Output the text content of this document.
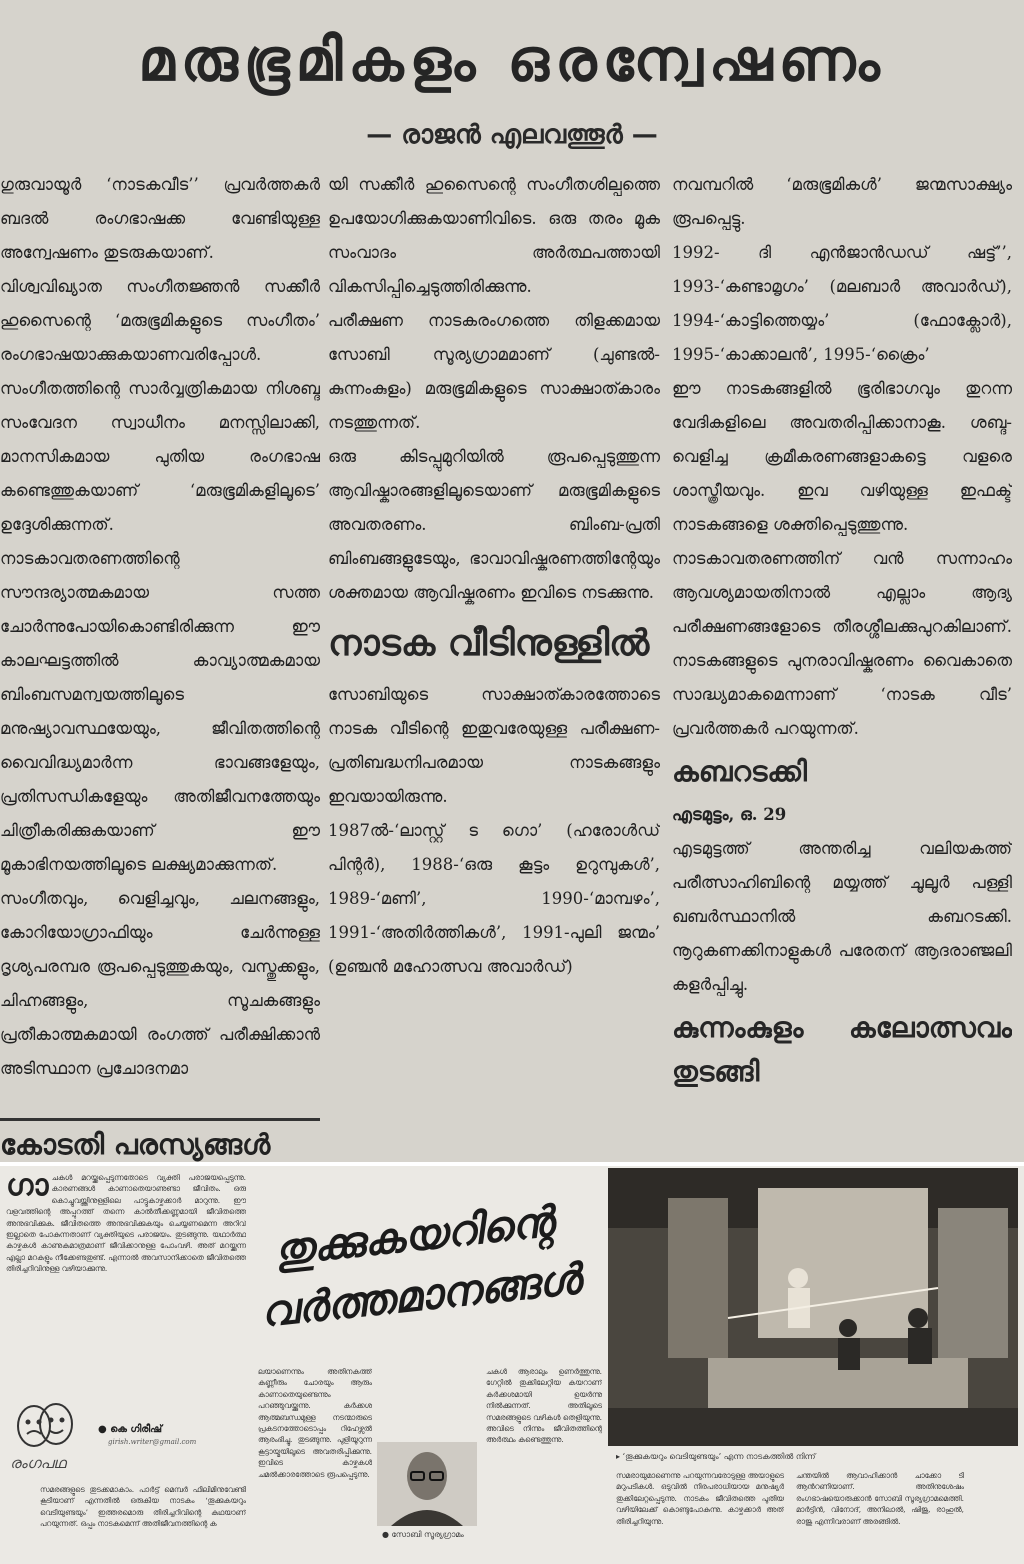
മരുഭൂമികളം ഒരന്വേഷണം
— രാജൻ എലവത്തൂർ —

ഗുരുവായൂർ ‘നാടകവീട’’ പ്രവർത്തകർ ബദൽ രംഗഭാഷക്ക വേണ്ടിയുള്ള അന്വേഷണം തുടരുകയാണ്.

വിശ്വവിഖ്യാത സംഗീതജ്ഞൻ സക്കീർ ഹുസൈന്റെ ‘മരുഭൂമികളുടെ സംഗീതം’ രംഗഭാഷയാക്കുകയാണവരിപ്പോൾ.

സംഗീതത്തിന്റെ സാർവ്വത്രികമായ നിശബ്ദ സംവേദന സ്വാധീനം മനസ്സിലാക്കി, മാനസികമായ പുതിയ രംഗഭാഷ കണ്ടെത്തുകയാണ് ‘മരുഭൂമികളിലൂടെ’ ഉദ്ദേശിക്കുന്നത്.

നാടകാവതരണത്തിന്റെ സൗന്ദര്യാത്മകമായ സത്ത ചോർന്നുപോയികൊണ്ടിരിക്കുന്ന ഈ കാലഘട്ടത്തിൽ കാവ്യാത്മകമായ ബിംബസമന്വയത്തിലൂടെ മനുഷ്യാവസ്ഥയേയും, ജീവിതത്തിന്റെ വൈവിദ്ധ്യമാർന്ന ഭാവങ്ങളേയും, പ്രതിസന്ധികളേയും അതിജീവനത്തേയും ചിത്രീകരിക്കുകയാണ് ഈ മൂകാഭിനയത്തിലൂടെ ലക്ഷ്യമാക്കുന്നത്.

സംഗീതവും, വെളിച്ചവും, ചലനങ്ങളും, കോറിയോഗ്രാഫിയും ചേർന്നുള്ള ദൃശ്യപരമ്പര രൂപപ്പെടുത്തുകയും, വസ്തുക്കളും, ചിഹ്നങ്ങളും, സൂചകങ്ങളും പ്രതീകാത്മകമായി രംഗത്ത് പരീക്ഷിക്കാൻ അടിസ്ഥാന പ്രചോദനമാ

യി സക്കീർ ഹുസൈന്റെ സംഗീതശില്പത്തെ ഉപയോഗിക്കുകയാണിവിടെ. ഒരു തരം മൂക സംവാദം അർത്ഥപത്തായി വികസിപ്പിച്ചെടുത്തിരിക്കുന്നു.

പരീക്ഷണ നാടകരംഗത്തെ തിളക്കമായ സോബി സൂര്യഗ്രാമമാണ് (ചുണ്ടൽ-കുന്നംകുളം) മരുഭൂമികളുടെ സാക്ഷാത്കാരം നടത്തുന്നത്.

ഒരു കിടപ്പുമുറിയിൽ രൂപപ്പെടുത്തുന്ന ആവിഷ്കാരങ്ങളിലൂടെയാണ് മരുഭൂമികളുടെ അവതരണം. ബിംബ-പ്രതി ബിംബങ്ങളുടേയും, ഭാവാവിഷ്കരണത്തിന്റേയും ശക്തമായ ആവിഷ്കരണം ഇവിടെ നടക്കുന്നു.

നാടക വീടിനുള്ളിൽ

സോബിയുടെ സാക്ഷാത്കാരത്തോടെ നാടക വീടിന്റെ ഇതുവരേയുള്ള പരീക്ഷണ-പ്രതിബദ്ധനിപരമായ നാടകങ്ങളും ഇവയായിരുന്നു.

1987ൽ-‘ലാസ്റ്റ് ട ഗൊ’ (ഹരോൾഡ് പിന്റർ), 1988-‘ഒരു കൂട്ടം ഉറുമ്പുകൾ’, 1989-‘മണി’, 1990-‘മാമ്പഴം’, 1991-‘അതിർത്തികൾ’, 1991-പുലി ജന്മം’ (ഉഞ്ചൻ മഹോത്സവ അവാർഡ്)

നവമ്പറിൽ ‘മരുഭൂമികൾ’ ജന്മസാക്ഷ്യം രൂപപ്പെട്ടു.

1992- ദി എൻജാൻഡഡ് ഷട്ട്’’, 1993-‘കണ്ടാമൃഗം’ (മലബാർ അവാർഡ്), 1994-‘കാട്ടിത്തെയ്യം’ (ഫോക്ലോർ), 1995-‘കാക്കാലൻ’, 1995-‘ക്രൈം’

ഈ നാടകങ്ങളിൽ ഭൂരിഭാഗവും തുറന്ന വേദികളിലെ അവതരിപ്പിക്കാനാകൂ. ശബ്ദ-വെളിച്ച ക്രമീകരണങ്ങളാകട്ടെ വളരെ ശാസ്ത്രീയവും. ഇവ വഴിയുള്ള ഇഫക്ട് നാടകങ്ങളെ ശക്തിപ്പെടുത്തുന്നു.

നാടകാവതരണത്തിന് വൻ സന്നാഹം ആവശ്യമായതിനാൽ എല്ലാം ആദ്യ പരീക്ഷണങ്ങളോടെ തീരശ്ശീലക്കുപുറകിലാണ്. നാടകങ്ങളുടെ പുനരാവിഷ്കരണം വൈകാതെ സാദ്ധ്യമാകമെന്നാണ് ‘നാടക വീട’ പ്രവർത്തകർ പറയുന്നത്.

കബറടക്കി

എടമുട്ടം, ഒ. 29

എടമുട്ടത്ത് അന്തരിച്ച വലിയകത്ത് പരീത്സാഹിബിന്റെ മയ്യത്ത് ചൂലൂർ പള്ളി ഖബർസ്ഥാനിൽ കബറടക്കി. നൂറുകണക്കിനാളുകൾ പരേതന് ആദരാഞ്ജലി കളർപ്പിച്ചു.

കുന്നംകുളം കലോത്സവം തുടങ്ങി
കോടതി പരസ്യങ്ങൾ
ഗാ ചകൾ മറയ്ക്കപ്പെടുന്നതോടെ വ്യക്തി പരാജയപ്പെടുന്നു. കാരണങ്ങൾ കാണാതെയാണുണ്ടാ ജീവിതം. ഒരു കൊച്ചുവയ്ത്തിനുള്ളിലെ പാട്ടുകാഴ്ചക്കാർ മാറുന്നു. ഈ വളവത്തിന്റെ അപ്പുറത്ത് തന്നെ കാൽതീക്കണ്ണമായി ജീവിതത്തെ അനുഭവിക്കുക. ജീവിതത്തെ അനുഭവിക്കുകയും ചെയ്യണമെന്ന അറിവ് ഇല്ലാതെ പോകുന്നതാണ് വ്യക്തിയുടെ പരാജയം. തുടങ്ങുന്നു. യഥാർത്ഥ കാഴ്ചകൾ കാണുകമാത്രമാണ് ജീവിക്കാനുള്ള പോംവഴി. അത് മറയ്ക്കുന്ന എല്ലാ മറകളും നീക്കേണ്ടതുണ്ട്. എന്നാൽ അവസാനിക്കാതെ ജീവിതത്തെ തിരിച്ചറിവിനുള്ള വഴിയാക്കുന്നു.	തുക്കുകയറിന്റെ വർത്തമാനങ്ങൾ
രംഗപഥ
● കെ ഗിരീഷ്
girish.writer@gmail.com

സമരങ്ങളുടെ തുടക്കമാകാം. പാർട്ട് മെമ്പർ ഫിലിമിനുവേണ്ടി കൂടിയാണ് എന്നതിൽ ഒരുകിയ നാടകം ‘തൂക്കുകയറും വെടിയുണ്ടയും’ ഇത്തരമൊരു തിരിച്ചറിവിന്റെ കഥയാണ് പറയുന്നത്. ഒപ്പം നാടകമെന്ന് അതിജീവനത്തിന്റെ ക

ലയാണെന്നും അതിനകത്ത് കണ്ണീരും ചോരയും ആരും കാണാതെയുണ്ടെന്നും പറഞ്ഞുവയ്ക്കുന്നു. കർക്കശ ആത്മബന്ധമുള്ള നടന്മാരുടെ പ്രകടനത്തോടൊപ്പം റിഹേഴ്സൽ ആരംഭിച്ചു. തുടങ്ങുന്നു. പുളിയൂറുന്ന കൂട്ടായ്മയിലൂടെ അവതരിപ്പിക്കുന്നു. ഇവിടെ കാഴ്ചകൾ ചമൽക്കാരത്തോടെ രൂപപ്പെടുന്നു.

● സോബി സൂര്യഗ്രാമം

ചകൾ ആരാലും ഉണർത്തുന്നു. ഗേറ്റിൽ തുക്കിലേറ്റിയ കയറാണ് കർക്കശമായി ഉയർന്നു നിൽക്കുന്നത്. അതിലൂടെ സമരങ്ങളുടെ വഴികൾ തെളിയുന്നു. അവിടെ നിന്നും ജീവിതത്തിന്റെ അർത്ഥം കണ്ടെത്തുന്നു.

▸ ‘തൂക്കുകയറും വെടിയുണ്ടയും’ എന്ന നാടകത്തിൽ നിന്ന്

സമരായുമാണെന്നു പറയുന്നവരോടുള്ള അയാളുടെ മറുപടികൾ. ഒടുവിൽ നിരപരാധിയായ മനുഷ്യർ തുക്കിലേറ്റപ്പെടുന്നു. നാടകം ജീവിതത്തെ പുതിയ വഴിയിലേക്ക് കൊണ്ടുപോകുന്നു. കാഴ്ചക്കാർ അത് തിരിച്ചറിയുന്നു.

ചന്തയിൽ ആവാഹിക്കാൻ ചാക്കോ ടി ആൻറണിയാണ്. അതിനുശേഷം രംഗഭാഷയൊരുക്കാൻ സോബി സൂര്യഗ്രാമമെത്തി. മാർട്ടിൻ, വിനോദ്, അനിലാൽ, ഷിജു, രാഹുൽ, രാജു എന്നിവരാണ് അരങ്ങിൽ.
